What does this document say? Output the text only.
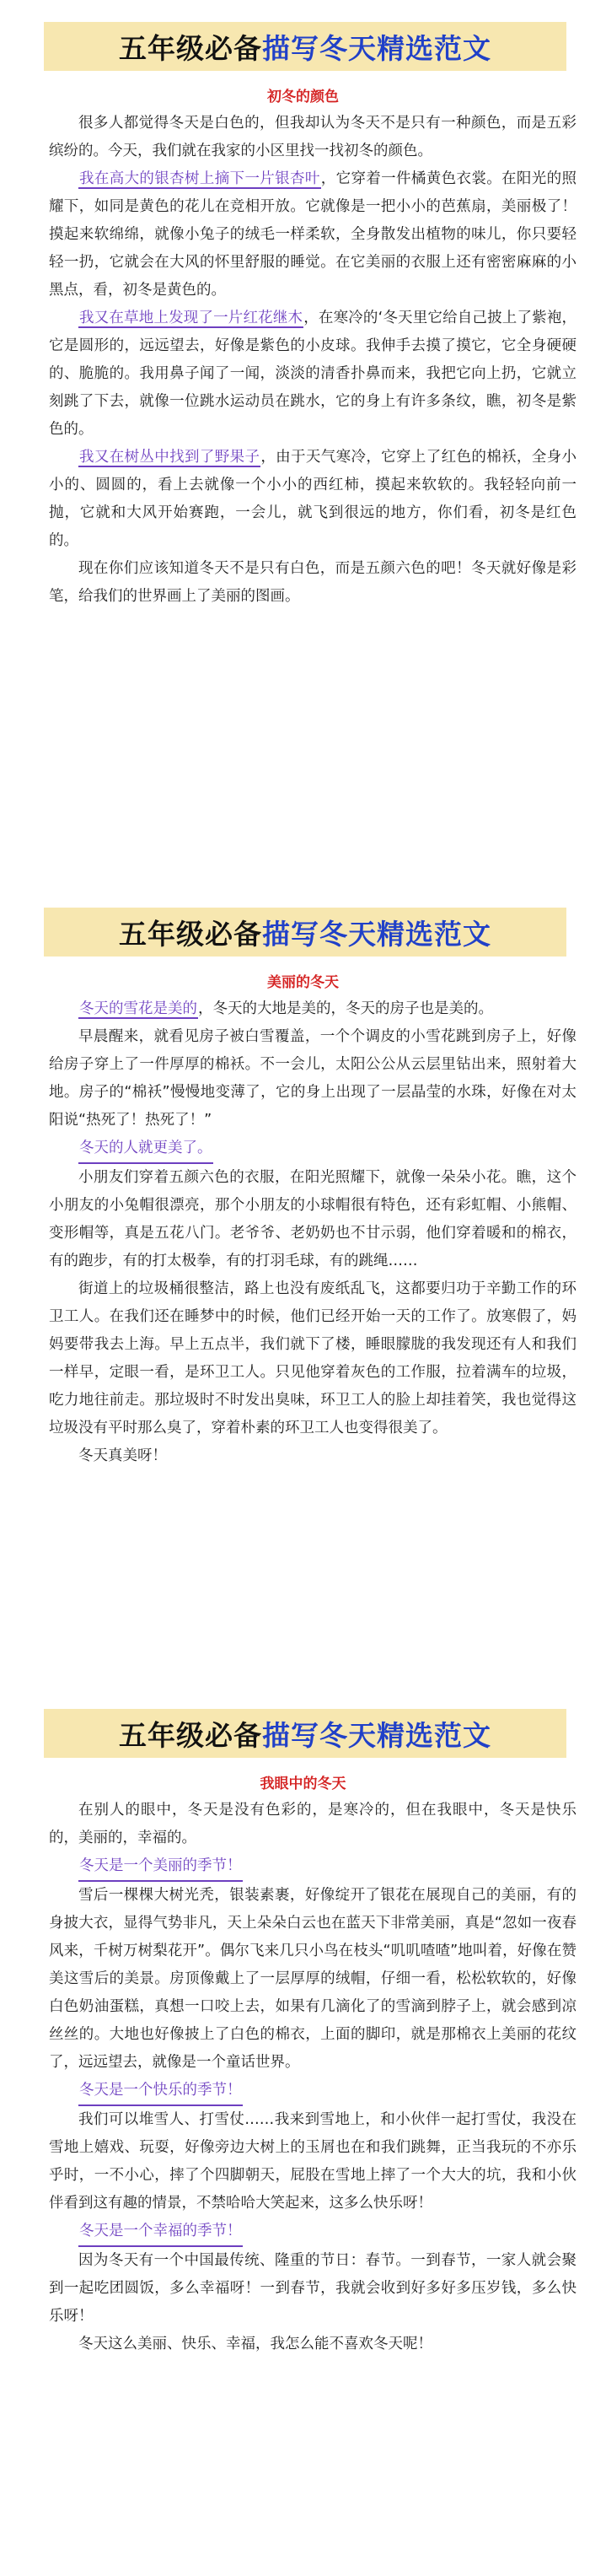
五年级必备 描写冬天精选范文
初冬的颜色

很多人都觉得冬天是白色的，但我却认为冬天不是只有一种颜色，而是五彩缤纷的。今天，我们就在我家的小区里找一找初冬的颜色。

我在高大的银杏树上摘下一片银杏叶，它穿着一件橘黄色衣裳。在阳光的照耀下，如同是黄色的花儿在竞相开放。它就像是一把小小的芭蕉扇，美丽极了！摸起来软绵绵，就像小兔子的绒毛一样柔软，全身散发出植物的味儿，你只要轻轻一扔，它就会在大风的怀里舒服的睡觉。在它美丽的衣服上还有密密麻麻的小黑点，看，初冬是黄色的。

我又在草地上发现了一片红花继木，在寒冷的‘冬天里它给自己披上了紫袍，它是圆形的，远远望去，好像是紫色的小皮球。我伸手去摸了摸它，它全身硬硬的、脆脆的。我用鼻子闻了一闻，淡淡的清香扑鼻而来，我把它向上扔，它就立刻跳了下去，就像一位跳水运动员在跳水，它的身上有许多条纹，瞧，初冬是紫色的。

我又在树丛中找到了野果子，由于天气寒冷，它穿上了红色的棉袄，全身小小的、圆圆的，看上去就像一个小小的西红柿，摸起来软软的。我轻轻向前一抛，它就和大风开始赛跑，一会儿，就飞到很远的地方，你们看，初冬是红色的。

现在你们应该知道冬天不是只有白色，而是五颜六色的吧！冬天就好像是彩笔，给我们的世界画上了美丽的图画。

五年级必备 描写冬天精选范文
美丽的冬天

冬天的雪花是美的，冬天的大地是美的，冬天的房子也是美的。

早晨醒来，就看见房子被白雪覆盖，一个个调皮的小雪花跳到房子上，好像给房子穿上了一件厚厚的棉袄。不一会儿，太阳公公从云层里钻出来，照射着大地。房子的“棉袄”慢慢地变薄了，它的身上出现了一层晶莹的水珠，好像在对太阳说“热死了！热死了！”

冬天的人就更美了。

小朋友们穿着五颜六色的衣服，在阳光照耀下，就像一朵朵小花。瞧，这个小朋友的小兔帽很漂亮，那个小朋友的小球帽很有特色，还有彩虹帽、小熊帽、变形帽等，真是五花八门。老爷爷、老奶奶也不甘示弱，他们穿着暖和的棉衣，有的跑步，有的打太极拳，有的打羽毛球，有的跳绳……

街道上的垃圾桶很整洁，路上也没有废纸乱飞，这都要归功于辛勤工作的环卫工人。在我们还在睡梦中的时候，他们已经开始一天的工作了。放寒假了，妈妈要带我去上海。早上五点半，我们就下了楼，睡眼朦胧的我发现还有人和我们一样早，定眼一看，是环卫工人。只见他穿着灰色的工作服，拉着满车的垃圾，吃力地往前走。那垃圾时不时发出臭味，环卫工人的脸上却挂着笑，我也觉得这垃圾没有平时那么臭了，穿着朴素的环卫工人也变得很美了。

冬天真美呀！

五年级必备 描写冬天精选范文
我眼中的冬天

在别人的眼中，冬天是没有色彩的，是寒冷的，但在我眼中，冬天是快乐的，美丽的，幸福的。

冬天是一个美丽的季节！

雪后一棵棵大树光秃，银装素裹，好像绽开了银花在展现自己的美丽，有的身披大衣，显得气势非凡，天上朵朵白云也在蓝天下非常美丽，真是“忽如一夜春风来，千树万树梨花开”。偶尔飞来几只小鸟在枝头“叽叽喳喳”地叫着，好像在赞美这雪后的美景。房顶像戴上了一层厚厚的绒帽，仔细一看，松松软软的，好像白色奶油蛋糕，真想一口咬上去，如果有几滴化了的雪滴到脖子上，就会感到凉丝丝的。大地也好像披上了白色的棉衣，上面的脚印，就是那棉衣上美丽的花纹了，远远望去，就像是一个童话世界。

冬天是一个快乐的季节！

我们可以堆雪人、打雪仗……我来到雪地上，和小伙伴一起打雪仗，我没在雪地上嬉戏、玩耍，好像旁边大树上的玉屑也在和我们跳舞，正当我玩的不亦乐乎时，一不小心，摔了个四脚朝天，屁股在雪地上摔了一个大大的坑，我和小伙伴看到这有趣的情景，不禁哈哈大笑起来，这多么快乐呀！

冬天是一个幸福的季节！

因为冬天有一个中国最传统、隆重的节日：春节。一到春节，一家人就会聚到一起吃团圆饭，多么幸福呀！一到春节，我就会收到好多好多压岁钱，多么快乐呀！

冬天这么美丽、快乐、幸福，我怎么能不喜欢冬天呢！
